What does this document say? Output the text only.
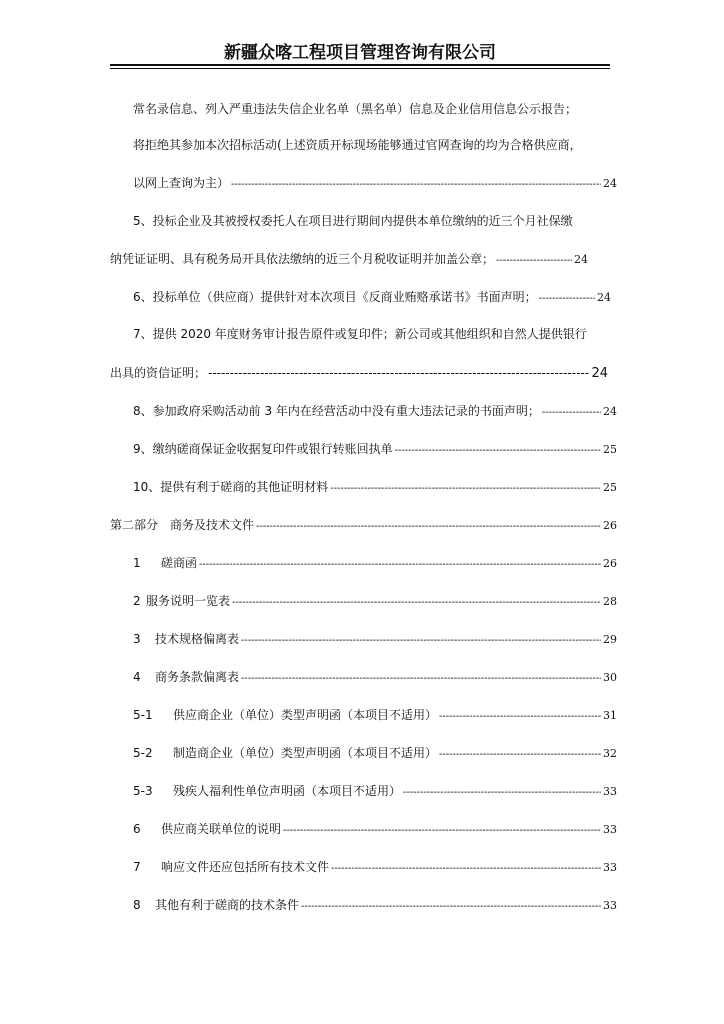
新疆众喀工程项目管理咨询有限公司
常名录信息、列入严重违法失信企业名单（黑名单）信息及企业信用信息公示报告；
将拒绝其参加本次招标活动(上述资质开标现场能够通过官网查询的均为合格供应商，
以网上查询为主） -----	24
5、投标企业及其被授权委托人在项目进行期间内提供本单位缴纳的近三个月社保缴
纳凭证证明、具有税务局开具依法缴纳的近三个月税收证明并加盖公章； -----	24
6、投标单位（供应商）提供针对本次项目《反商业贿赂承诺书》书面声明； -----	24
7、提供 2020 年度财务审计报告原件或复印件；新公司或其他组织和自然人提供银行
出具的资信证明； -----	24
8、参加政府采购活动前 3 年内在经营活动中没有重大违法记录的书面声明； -----	24
9、缴纳磋商保证金收据复印件或银行转账回执单 -----	25
10、提供有利于磋商的其他证明材料 -----	25
第二部分　商务及技术文件 -----	26
1 磋商函 -----	26
2 服务说明一览表 -----	28
3 技术规格偏离表 -----	29
4 商务条款偏离表 -----	30
5-1 供应商企业（单位）类型声明函（本项目不适用） -----	31
5-2 制造商企业（单位）类型声明函（本项目不适用） -----	32
5-3 残疾人福利性单位声明函（本项目不适用） -----	33
6 供应商关联单位的说明 -----	33
7 响应文件还应包括所有技术文件 -----	33
8 其他有利于磋商的技术条件 -----	33
